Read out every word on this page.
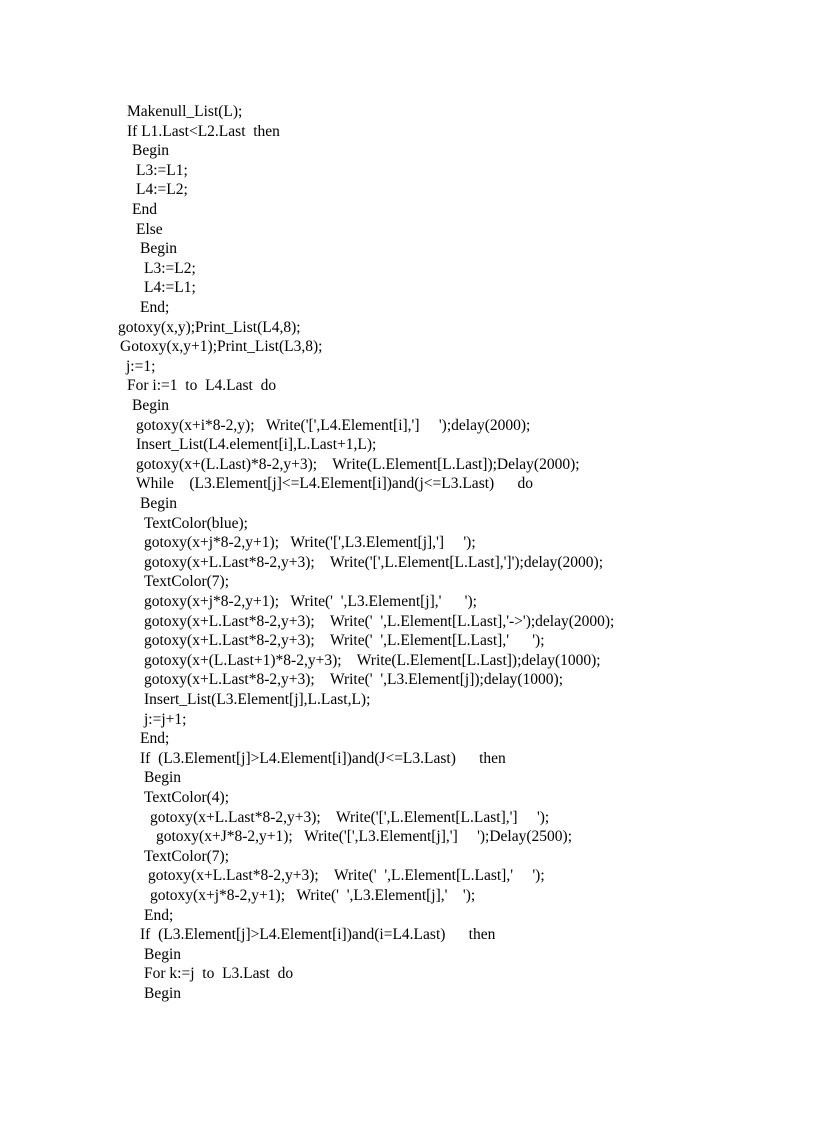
Makenull_List(L);

If L1.Last<L2.Last  then

Begin

L3:=L1;

L4:=L2;

End

Else

Begin

L3:=L2;

L4:=L1;

End;

gotoxy(x,y);Print_List(L4,8);

Gotoxy(x,y+1);Print_List(L3,8);

j:=1;

For i:=1  to  L4.Last  do

Begin

gotoxy(x+i*8-2,y);   Write('[',L4.Element[i],']     ');delay(2000);

Insert_List(L4.element[i],L.Last+1,L);

gotoxy(x+(L.Last)*8-2,y+3);    Write(L.Element[L.Last]);Delay(2000);

While    (L3.Element[j]<=L4.Element[i])and(j<=L3.Last)      do

Begin

TextColor(blue);

gotoxy(x+j*8-2,y+1);   Write('[',L3.Element[j],']     ');

gotoxy(x+L.Last*8-2,y+3);    Write('[',L.Element[L.Last],']');delay(2000);

TextColor(7);

gotoxy(x+j*8-2,y+1);   Write('  ',L3.Element[j],'      ');

gotoxy(x+L.Last*8-2,y+3);    Write('  ',L.Element[L.Last],'->');delay(2000);

gotoxy(x+L.Last*8-2,y+3);    Write('  ',L.Element[L.Last],'      ');

gotoxy(x+(L.Last+1)*8-2,y+3);    Write(L.Element[L.Last]);delay(1000);

gotoxy(x+L.Last*8-2,y+3);    Write('  ',L3.Element[j]);delay(1000);

Insert_List(L3.Element[j],L.Last,L);

j:=j+1;

End;

If  (L3.Element[j]>L4.Element[i])and(J<=L3.Last)      then

Begin

TextColor(4);

gotoxy(x+L.Last*8-2,y+3);    Write('[',L.Element[L.Last],']     ');

gotoxy(x+J*8-2,y+1);   Write('[',L3.Element[j],']     ');Delay(2500);

TextColor(7);

gotoxy(x+L.Last*8-2,y+3);    Write('  ',L.Element[L.Last],'     ');

gotoxy(x+j*8-2,y+1);   Write('  ',L3.Element[j],'    ');

End;

If  (L3.Element[j]>L4.Element[i])and(i=L4.Last)      then

Begin

For k:=j  to  L3.Last  do

Begin
